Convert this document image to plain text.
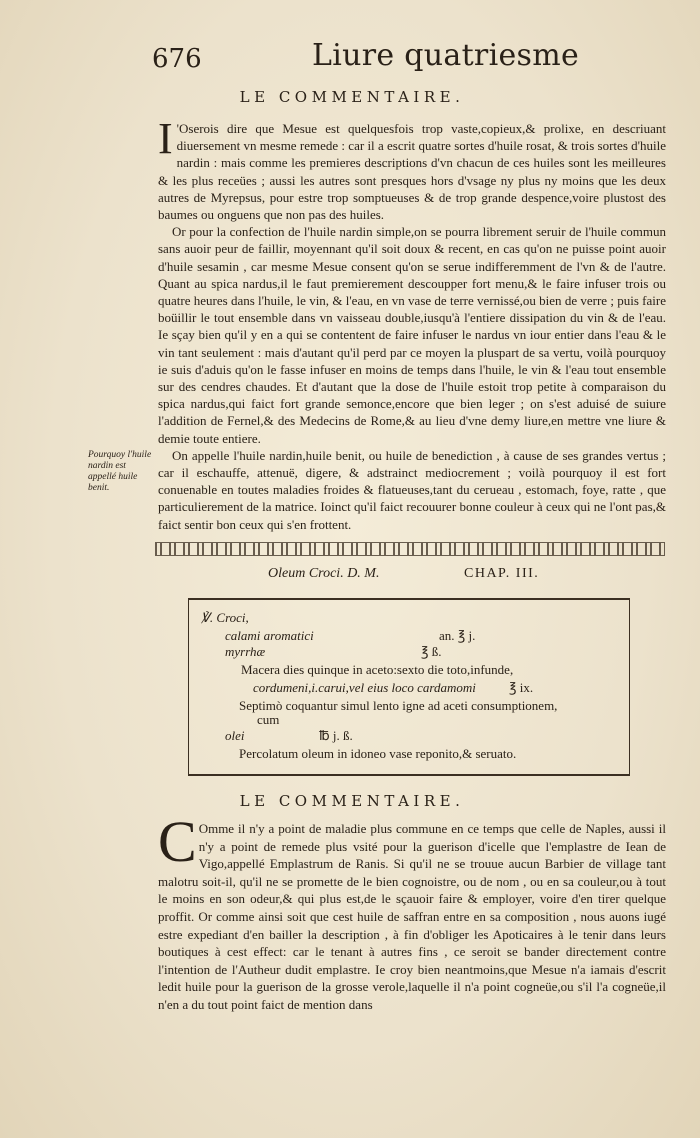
676	Liure quatriesme
LE COMMENTAIRE.

I 'Oserois dire que Mesue est quelquesfois trop vaste,copieux,& prolixe, en descriuant diuersement vn mesme remede : car il a escrit quatre sortes d'huile rosat, & trois sortes d'huile nardin : mais comme les premieres descriptions d'vn chacun de ces huiles sont les meilleures & les plus receües ; aussi les autres sont presques hors d'vsage ny plus ny moins que les deux autres de Myrepsus, pour estre trop somptueuses & de trop grande despence,voire plustost des baumes ou onguens que non pas des huiles.

Or pour la confection de l'huile nardin simple,on se pourra librement seruir de l'huile commun sans auoir peur de faillir, moyennant qu'il soit doux & recent, en cas qu'on ne puisse point auoir d'huile sesamin , car mesme Mesue consent qu'on se serue indifferemment de l'vn & de l'autre. Quant au spica nardus,il le faut premierement descoupper fort menu,& le faire infuser trois ou quatre heures dans l'huile, le vin, & l'eau, en vn vase de terre vernissé,ou bien de verre ; puis faire boüillir le tout ensemble dans vn vaisseau double,iusqu'à l'entiere dissipation du vin & de l'eau. Ie sçay bien qu'il y en a qui se contentent de faire infuser le nardus vn iour entier dans l'eau & le vin tant seulement : mais d'autant qu'il perd par ce moyen la pluspart de sa vertu, voilà pourquoy ie suis d'aduis qu'on le fasse infuser en moins de temps dans l'huile, le vin & l'eau tout ensemble sur des cendres chaudes. Et d'autant que la dose de l'huile estoit trop petite à comparaison du spica nardus,qui faict fort grande semonce,encore que bien leger ; on s'est aduisé de suiure l'addition de Fernel,& des Medecins de Rome,& au lieu d'vne demy liure,en mettre vne liure & demie toute entiere.

On appelle l'huile nardin,huile benit, ou huile de benediction , à cause de ses grandes vertus ; car il eschauffe, attenuë, digere, & adstrainct mediocrement ; voilà pourquoy il est fort conuenable en toutes maladies froides & flatueuses,tant du cerueau , estomach, foye, ratte , que particulierement de la matrice. Ioinct qu'il faict recouurer bonne couleur à ceux qui ne l'ont pas,& faict sentir bon ceux qui s'en frottent.

Pourquoy l'huile nardin est appellé huile benit.
Oleum Croci. D. M.	CHAP. III.
℣. Croci,
calami aromatici	an. ℥ j.
myrrhæ	℥ ß.
Macera dies quinque in aceto:sexto die toto,infunde,
cordumeni,i.carui,vel eius loco cardamomi	℥ ix.
Septimò coquantur simul lento igne ad aceti consumptionem,
cum
olei	℔ j. ß.
Percolatum oleum in idoneo vase reponito,& seruato.
LE COMMENTAIRE.

C Omme il n'y a point de maladie plus commune en ce temps que celle de Naples, aussi il n'y a point de remede plus vsité pour la guerison d'icelle que l'emplastre de Iean de Vigo,appellé Emplastrum de Ranis. Si qu'il ne se trouue aucun Barbier de village tant malotru soit-il, qu'il ne se promette de le bien cognoistre, ou de nom , ou en sa couleur,ou à tout le moins en son odeur,& qui plus est,de le sçauoir faire & employer, voire d'en tirer quelque proffit. Or comme ainsi soit que cest huile de saffran entre en sa composition , nous auons iugé estre expediant d'en bailler la description , à fin d'obliger les Apoticaires à le tenir dans leurs boutiques à cest effect: car le tenant à autres fins , ce seroit se bander directement contre l'intention de l'Autheur dudit emplastre. Ie croy bien neantmoins,que Mesue n'a iamais d'escrit ledit huile pour la guerison de la grosse verole,laquelle il n'a point cogneüe,ou s'il l'a cogneüe,il n'en a du tout point faict de mention dans
